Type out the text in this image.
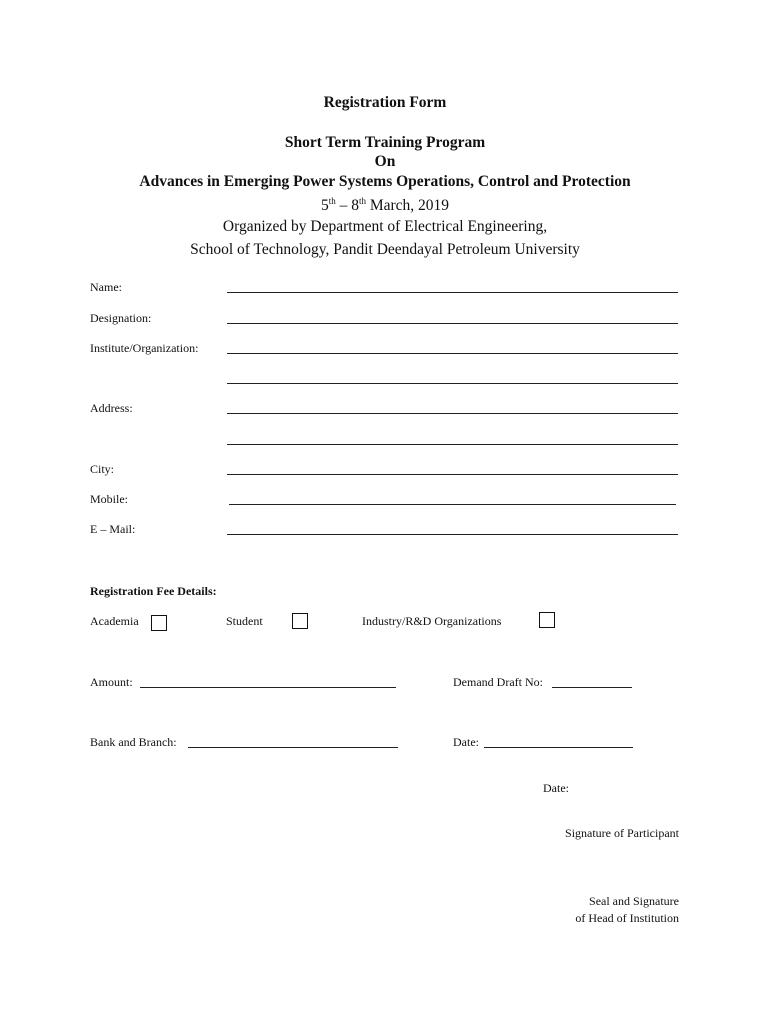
Registration Form
Short Term Training Program
On
Advances in Emerging Power Systems Operations, Control and Protection
5th – 8th March, 2019
Organized by Department of Electrical Engineering,
School of Technology, Pandit Deendayal Petroleum University
Name:
Designation:
Institute/Organization:
Address:
City:
Mobile:
E – Mail:
Registration Fee Details:
Academia	Student	Industry/R&D Organizations
Amount:	Demand Draft No:
Bank and Branch:	Date:
Date:
Signature of Participant
Seal and Signature
of Head of Institution
